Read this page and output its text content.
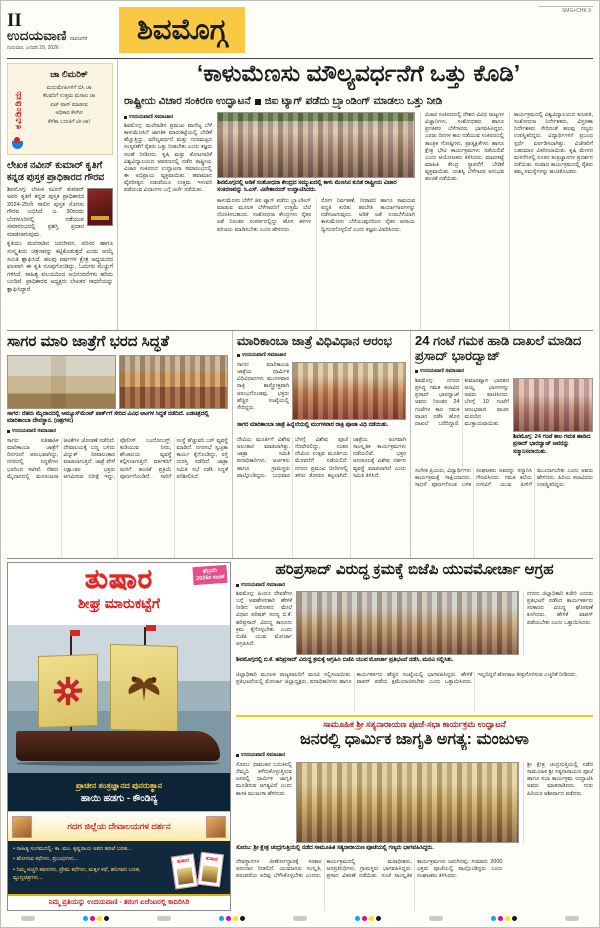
II
ಉದಯವಾಣಿ ದಾವಣಗೆರೆ
ಗುರುವಾರ, ಜನವರಿ 29, 2026
ಶಿವಮೊಗ್ಗ
SMG+CHK 9
ಕವಿಡಿಂಡಿಮ
ಚಾ ಲಿಮರಿಕ್
ಮಧುಮೇಹಿಗಳಿಗೆ ಬಿಸಿ ಚಾ
ಕೆಲವರಿಗೆ ಉತ್ತಮ ಮಸಾಲ ಚಾ
ಏಟ್ ಪಾಸ್ ಮಾಡುವ
ಅಧಿಕಾರ ಕೆಳಗಿನ
ಕೆಳೆತಾ ಬದುಕಿಗೆ ಟೀ-ಚಾ!
ಲೇಖಕ ನವೀನ್ ಕುಮಾರ್ ಕೃತಿಗೆ ಕನ್ನಡ ಪುಸ್ತಕ ಪ್ರಾಧಿಕಾರದ ಗೌರವ
ಶಿವಮೊಗ್ಗ: ಲೇಖಕ ನವೀನ್ ಕುಮಾರ್ ಅವರ ಕೃತಿಗೆ ಕನ್ನಡ ಪುಸ್ತಕ ಪ್ರಾಧಿಕಾರದ 2024-25ನೇ ಸಾಲಿನ ಪುಸ್ತಕ ಸೊಗಸು ಗೌರವ ಲಭಿಸಿದೆ. ಜ. 30ರಂದು ಬೆಂಗಳೂರಿನಲ್ಲಿ ನಡೆಯುವ ಸಮಾರಂಭದಲ್ಲಿ ಪ್ರಶಸ್ತಿ ಪ್ರದಾನ ಮಾಡಲಾಗುವುದು.
ಕೃತಿಯು ಮಲೆನಾಡಿನ ಜನಜೀವನ, ಪರಿಸರ ಹಾಗೂ ಸಂಸ್ಕೃತಿಯ ಚಿತ್ರಣವನ್ನು ಕಟ್ಟಿಕೊಡುತ್ತದೆ ಎಂದು ಆಯ್ಕೆ ಸಮಿತಿ ಶ್ಲಾಘಿಸಿದೆ. ಹಲವು ವರ್ಷಗಳ ಕ್ಷೇತ್ರ ಅಧ್ಯಯನದ ಫಲವಾಗಿ ಈ ಕೃತಿ ರೂಪುಗೊಂಡಿದ್ದು, ಓದುಗರ ಮೆಚ್ಚುಗೆ ಗಳಿಸಿದೆ. ಸಾಹಿತ್ಯ ವಲಯದಿಂದ ಅಭಿನಂದನೆಗಳು ಹರಿದು ಬಂದಿವೆ. ಪ್ರಾಧಿಕಾರದ ಅಧ್ಯಕ್ಷರು ಲೇಖಕರ ಸಾಧನೆಯನ್ನು ಶ್ಲಾಘಿಸಿದ್ದಾರೆ.
‘ಕಾಳುಮೆಣಸು ಮೌಲ್ಯವರ್ಧನೆಗೆ ಒತ್ತು ಕೊಡಿ’
ರಾಷ್ಟ್ರೀಯ ವಿಚಾರ ಸಂಕಿರಣ ಉದ್ಘಾಟನೆ ಜಿಐ ಟ್ಯಾಗ್ ಪಡೆದು ಬ್ರ್ಯಾಂಡಿಂಗ್ ಮಾಡಲು ಒತ್ತು ನೀಡಿ
ಉದಯವಾಣಿ ಸಮಾಚಾರ
ಶಿವಮೊಗ್ಗ: ಮಲೆನಾಡಿನ ಪ್ರಮುಖ ವಾಣಿಜ್ಯ ಬೆಳೆ ಕಾಳುಮೆಣಸಿಗೆ ಜಾಗತಿಕ ಮಾರುಕಟ್ಟೆಯಲ್ಲಿ ಬೇಡಿಕೆ ಹೆಚ್ಚುತ್ತಿದ್ದು, ಮೌಲ್ಯವರ್ಧನೆ ಮತ್ತು ಗುಣಮಟ್ಟದ ಸಂಸ್ಕರಣೆಗೆ ರೈತರು ಒತ್ತು ನೀಡಬೇಕು ಎಂದು ತಜ್ಞರು ಸಲಹೆ ನೀಡಿದರು. ಕೃಷಿ ಮತ್ತು ತೋಟಗಾರಿಕೆ ವಿಶ್ವವಿದ್ಯಾಲಯದ ಆವರಣದಲ್ಲಿ ನಡೆದ ರಾಷ್ಟ್ರೀಯ ವಿಚಾರ ಸಂಕಿರಣದ ಉದ್ಘಾಟನಾ ಸಮಾರಂಭದಲ್ಲಿ ಈ ಅಭಿಪ್ರಾಯ ವ್ಯಕ್ತವಾಯಿತು. ಹವಾಮಾನ ವೈಪರೀತ್ಯದ ನಡುವೆಯೂ ಉತ್ತಮ ಇಳುವರಿ ಪಡೆಯುವ ವಿಧಾನಗಳ ಬಗ್ಗೆ ಚರ್ಚೆ ನಡೆಯಿತು.
ಶಿವಮೊಗ್ಗದಲ್ಲಿ ಅಡಿಕೆ ಸಂಶೋಧನಾ ಕೇಂದ್ರದ ಸಮ್ಮುಖದಲ್ಲಿ ಕಾಳು ಮೆಣಸಿನ ಕುರಿತ ರಾಷ್ಟ್ರೀಯ ವಿಚಾರ ಸಂಕಿರಣವನ್ನು ಸಿ.ಎಸ್. ವಿವೇಕಾನಂದ್ ಉದ್ಘಾಟಿಸಿದರು.
ಕಾಳುಮೆಣಸು ಬೆಳೆಗೆ ಜಿಐ ಟ್ಯಾಗ್ ಪಡೆದು ಬ್ರ್ಯಾಂಡಿಂಗ್ ಮಾಡುವ ಮೂಲಕ ಬೆಳೆಗಾರರಿಗೆ ಉತ್ತಮ ಬೆಲೆ ದೊರಕಿಸಬಹುದು. ಸಂಶೋಧನಾ ಕೇಂದ್ರಗಳು ರೈತರ ಜತೆ ನಿರಂತರ ಸಂಪರ್ಕದಲ್ಲಿದ್ದು ಹೊಸ ತಳಿಗಳ ಪರಿಚಯ ಮಾಡಿಸಬೇಕು ಎಂದು ಹೇಳಿದರು.
ರೋಗ ನಿರ್ವಹಣೆ, ನೀರಾವರಿ ಹಾಗೂ ಸಾವಯವ ಪದ್ಧತಿ ಕುರಿತು ತರಬೇತಿ ಕಾರ್ಯಾಗಾರಗಳನ್ನು ನಡೆಸಲಾಗುವುದು. ಅಡಿಕೆ ಜತೆ ಉಪಬೆಳೆಯಾಗಿ ಕಾಳುಮೆಣಸು ಬೆಳೆಯುವುದರಿಂದ ರೈತರ ಆದಾಯ ದ್ವಿಗುಣಗೊಳ್ಳಲಿದೆ ಎಂದು ತಜ್ಞರು ವಿವರಿಸಿದರು.
ವಿಚಾರ ಸಂಕಿರಣದಲ್ಲಿ ದೇಶದ ವಿವಿಧ ರಾಜ್ಯಗಳ ವಿಜ್ಞಾನಿಗಳು, ಸಂಶೋಧಕರು ಹಾಗೂ ಪ್ರಗತಿಪರ ಬೆಳೆಗಾರರು ಭಾಗವಹಿಸಿದ್ದರು. ಎರಡು ದಿನಗಳ ಕಾಲ ನಡೆಯುವ ಸಂಕಿರಣದಲ್ಲಿ ತಾಂತ್ರಿಕ ಗೋಷ್ಠಿಗಳು, ಪ್ರಾತ್ಯಕ್ಷಿಕೆಗಳು ಹಾಗೂ ಕ್ಷೇತ್ರ ಭೇಟಿ ಕಾರ್ಯಕ್ರಮಗಳು ನಡೆಯಲಿವೆ ಎಂದು ಆಯೋಜಕರು ತಿಳಿಸಿದರು. ಮಾರುಕಟ್ಟೆ ಮಾಹಿತಿ ಕೇಂದ್ರ ಸ್ಥಾಪನೆಗೆ ಬೇಡಿಕೆ ವ್ಯಕ್ತವಾಯಿತು. ಯಶಸ್ವಿ ಬೆಳೆಗಾರರ ಅನುಭವ ಹಂಚಿಕೆ ನಡೆಯಿತು.
ಕಾರ್ಯಕ್ರಮದಲ್ಲಿ ವಿಶ್ವವಿದ್ಯಾಲಯದ ಕುಲಪತಿ, ಸಂಶೋಧನಾ ನಿರ್ದೇಶಕರು, ವಿಸ್ತರಣಾ ನಿರ್ದೇಶಕರು ಸೇರಿದಂತೆ ಹಲವು ಗಣ್ಯರು ಉಪಸ್ಥಿತರಿದ್ದರು. ವಿದ್ಯಾರ್ಥಿಗಳಿಗೆ ಪ್ರಬಂಧ ಸ್ಪರ್ಧೆ ಏರ್ಪಡಿಸಲಾಗಿತ್ತು. ವಿಜೇತರಿಗೆ ಬಹುಮಾನ ವಿತರಿಸಲಾಯಿತು. ಕೃಷಿ ಮೇಳದ ಮಳಿಗೆಗಳಲ್ಲಿ ನೂತನ ತಂತ್ರಜ್ಞಾನಗಳ ಪ್ರದರ್ಶನ ನಡೆಯಿತು. ಸಂವಾದ ಕಾರ್ಯಕ್ರಮದಲ್ಲಿ ರೈತರು ತಮ್ಮ ಸಮಸ್ಯೆಗಳನ್ನು ಹಂಚಿಕೊಂಡರು.
ಸಾಗರ ಮಾರಿ ಜಾತ್ರೆಗೆ ಭರದ ಸಿದ್ಧತೆ
ಸಾಗರ: ನೆಹರು ಮೈದಾನದಲ್ಲಿ ಅಮ್ಯೂಸ್‌ಮೆಂಟ್ ಪಾರ್ಕ್‌ಗೆ ಸೇರಿದ ವಿವಿಧ ಆಟಗಳ ಸಿದ್ಧತೆ ನಡೆದಿದೆ. ಎಡಚಿತ್ರದಲ್ಲಿ ಮಾರಿಕಾಂಬಾ ದೇವಸ್ಥಾನ. (ಚಿತ್ರಗಳು)
ಉದಯವಾಣಿ ಸಮಾಚಾರ
ಸಾಗರ: ಐತಿಹಾಸಿಕ ಮಾರಿಕಾಂಬಾ ಜಾತ್ರೆಗೆ ದಿನಗಣನೆ ಆರಂಭವಾಗಿದ್ದು, ನಗರದಲ್ಲಿ ಸಿದ್ಧತೆಗಳು ಭರದಿಂದ ಸಾಗಿವೆ. ನೆಹರು ಮೈದಾನದಲ್ಲಿ ಮನರಂಜನಾ ಆಟಿಕೆಗಳ ಜೋಡಣೆ ನಡೆದಿದೆ. ದೇವಾಲಯಕ್ಕೆ ಬಣ್ಣ ಬಳಿದು ವಿದ್ಯುತ್ ದೀಪಾಲಂಕಾರ ಮಾಡಲಾಗುತ್ತಿದೆ. ಜಾತ್ರೆ ವೇಳೆ ಲಕ್ಷಾಂತರ ಭಕ್ತರು ಆಗಮಿಸುವ ನಿರೀಕ್ಷೆ ಇದ್ದು, ಪೊಲೀಸ್ ಬಂದೋಬಸ್ತ್, ಕುಡಿಯುವ ನೀರು, ಶೌಚಾಲಯ ವ್ಯವಸ್ಥೆ ಕಲ್ಪಿಸಲಾಗುತ್ತಿದೆ. ವರ್ತಕರಿಗೆ ಮಳಿಗೆ ಹಂಚಿಕೆ ಪ್ರಕ್ರಿಯೆ ಪೂರ್ಣಗೊಂಡಿದೆ. ಸಾರಿಗೆ ಸಂಸ್ಥೆ ಹೆಚ್ಚುವರಿ ಬಸ್ ವ್ಯವಸ್ಥೆ ಮಾಡಿದೆ. ನಗರಸಭೆ ಸ್ವಚ್ಛತಾ ಕಾರ್ಯ ಕೈಗೊಂಡಿದ್ದು, ರಸ್ತೆ ದುರಸ್ತಿ ನಡೆದಿದೆ. ಜಾತ್ರಾ ಸಮಿತಿ ಸಭೆ ನಡೆಸಿ ಸಿದ್ಧತೆ ಪರಿಶೀಲಿಸಿದೆ.
ಮಾರಿಕಾಂಬಾ ಜಾತ್ರೆ ವಿಧಿವಿಧಾನ ಆರಂಭ
ಉದಯವಾಣಿ ಸಮಾಚಾರ
ಸಾಗರ: ಮಾರಿಕಾಂಬಾ ಜಾತ್ರೆಯ ಧಾರ್ಮಿಕ ವಿಧಿವಿಧಾನಗಳು ಮಂಗಳವಾರ ರಾತ್ರಿ ಶಾಸ್ತ್ರೋಕ್ತವಾಗಿ ಆರಂಭಗೊಂಡವು. ಭಕ್ತರು ಹೆಚ್ಚಿನ ಸಂಖ್ಯೆಯಲ್ಲಿ ಸೇರಿದ್ದರು.
ಸಾಗರ ಮಾರಿಕಾಂಬಾ ಜಾತ್ರೆ ಹಿನ್ನೆಲೆಯಲ್ಲಿ ಮಂಗಳವಾರ ರಾತ್ರಿ ಪೂಜಾ ವಿಧಿ ನಡೆಯಿತು.
ದೇವಿಯ ಮೂರ್ತಿಗೆ ವಿಶೇಷ ಅಲಂಕಾರ ಮಾಡಲಾಗಿತ್ತು. ಜಾತ್ರಾ ಸಮಿತಿ ಪದಾಧಿಕಾರಿಗಳು, ಅರ್ಚಕರು ಹಾಗೂ ಗ್ರಾಮಸ್ಥರು ಪಾಲ್ಗೊಂಡಿದ್ದರು. ಬುಧವಾರ ಬೆಳಗ್ಗೆ ವಿಶೇಷ ಪೂಜೆ ನೆರವೇರಲಿದ್ದು, ನಂತರ ದೇವಿಯ ಉತ್ಸವ ಮೂರ್ತಿಯ ಮೆರವಣಿಗೆ ನಡೆಯಲಿದೆ. ನಗರದ ಪ್ರಮುಖ ಬೀದಿಗಳಲ್ಲಿ ತಳಿರು ತೋರಣ ಕಟ್ಟಲಾಗಿದೆ. ಜಾತ್ರೆಯ ಅಂಗವಾಗಿ ಸಾಂಸ್ಕೃತಿಕ ಕಾರ್ಯಕ್ರಮಗಳು ನಡೆಯಲಿವೆ. ಭಕ್ತರ ಅನುಕೂಲಕ್ಕೆ ವಿಶೇಷ ದರ್ಶನ ವ್ಯವಸ್ಥೆ ಮಾಡಲಾಗಿದೆ ಎಂದು ಸಮಿತಿ ತಿಳಿಸಿದೆ.
24 ಗಂಟೆ ಗಮಕ ಹಾಡಿ ದಾಖಲೆ ಮಾಡಿದ ಪ್ರಸಾದ್ ಭಾರದ್ವಾಜ್
ಉದಯವಾಣಿ ಸಮಾಚಾರ
ಶಿವಮೊಗ್ಗ: ನಗರದ ಪ್ರಸಿದ್ಧ ಗಮಕ ಕಲಾವಿದ ಪ್ರಸಾದ್ ಭಾರದ್ವಾಜ್ ಅವರು ನಿರಂತರ 24 ಗಂಟೆಗಳ ಕಾಲ ಗಮಕ ವಾಚನ ನಡೆಸಿ ಹೊಸ ದಾಖಲೆ ಬರೆದಿದ್ದಾರೆ. ಕುಮಾರವ್ಯಾಸ ಭಾರತದ ಆಯ್ದ ಭಾಗಗಳನ್ನು ಅವರು ವಾಚಿಸಿದರು. ಬೆಳಗ್ಗೆ 10 ಗಂಟೆಗೆ ಆರಂಭವಾದ ವಾಚನ ಮರುದಿನ ಮುಕ್ತಾಯವಾಯಿತು.
ಶಿವಮೊಗ್ಗ: 24 ಗಂಟೆ ಕಾಲ ಗಮಕ ಹಾಡಿದ ಪ್ರಸಾದ್ ಭಾರದ್ವಾಜ್ ಅವರನ್ನು ಸನ್ಮಾನಿಸಲಾಯಿತು.
ಸಂಗೀತ ಪ್ರಿಯರು, ವಿದ್ಯಾರ್ಥಿಗಳು ಕಾರ್ಯಕ್ರಮಕ್ಕೆ ಸಾಕ್ಷಿಯಾದರು. ಸಾಧನೆ ಪೂರ್ಣಗೊಂಡ ಬಳಿಕ ಸಂಘಟಕರು ಅವರನ್ನು ಸನ್ಮಾನಿಸಿ ಗೌರವಿಸಿದರು. ಗಮಕ ಕಲೆಯ ಉಳಿವಿಗೆ ಯುವ ಪೀಳಿಗೆ ಮುಂದಾಗಬೇಕು ಎಂದು ಅವರು ಹೇಳಿದರು. ಹಿರಿಯ ಕಲಾವಿದರು ಉಪಸ್ಥಿತರಿದ್ದರು.
ತುಷಾರ	ಫೆಬ್ರವರಿ
2026ರ ಸಂಚಿಕೆ
ಶೀಘ್ರ ಮಾರುಕಟ್ಟೆಗೆ
ಪ್ರಾಚೀನ ತಂತ್ರಜ್ಞಾನದ ಪುನರುತ್ಥಾನ
ಹಾಯಿ ಹಡಗು - ಕೌಂಡಿನ್ಯ
ಗದಗ ಜಿಲ್ಲೆಯ ದೇವಾಲಯಗಳ ದರ್ಶನ
• ಸಾಹಿತ್ಯ ಸಂಗಮದಲ್ಲಿ- ಕಾ. ಮಂ. ಕೃಷ್ಣರಾಯ ಅವರ ಹರಟೆ ಬರಹ...
• ಹೋಗುವ ಕಥೆಗಳು, ಪ್ರಬಂಧಗಳು...
• ನಿಮ್ಮ ಅಚ್ಚರಿ ಕವನಗಳು, ಪ್ರೇಮ ಕಥೆಗಳು, ಮಕ್ಕಳ ಕಥೆ, ಹನಿಗವನ ಬರಹ, ವ್ಯಂಗ್ಯಚಿತ್ರಗಳು...
ತುಷಾರ	ತುಷಾರ
ನಿಮ್ಮ ಪ್ರತಿಯನ್ನು ಉದಯವಾಣಿ - ತರಂಗ ಏಜೆಂಟರಲ್ಲಿ ಕಾದಿರಿಸಿರಿ
ಹರಿಪ್ರಸಾದ್ ವಿರುದ್ಧ ಕ್ರಮಕ್ಕೆ ಬಿಜೆಪಿ ಯುವಮೋರ್ಚಾ ಆಗ್ರಹ
ಉದಯವಾಣಿ ಸಮಾಚಾರ
ಶಿವಮೊಗ್ಗ: ಹಿಂದೂ ದೇವತೆಗಳ ಬಗ್ಗೆ ಅವಹೇಳನಕಾರಿ ಹೇಳಿಕೆ ನೀಡಿದ ಆರೋಪದ ಮೇಲೆ ವಿಧಾನ ಪರಿಷತ್ ಸದಸ್ಯ ಬಿ.ಕೆ. ಹರಿಪ್ರಸಾದ್ ವಿರುದ್ಧ ಕಾನೂನು ಕ್ರಮ ಕೈಗೊಳ್ಳಬೇಕು ಎಂದು ಬಿಜೆಪಿ ಯುವ ಮೋರ್ಚಾ ಆಗ್ರಹಿಸಿದೆ.
ನಗರದ ಜಿಲ್ಲಾಧಿಕಾರಿ ಕಚೇರಿ ಎದುರು ಪ್ರತಿಭಟನೆ ನಡೆಸಿದ ಕಾರ್ಯಕರ್ತರು ಸರಕಾರದ ವಿರುದ್ಧ ಘೋಷಣೆ ಕೂಗಿದರು. ಹೇಳಿಕೆ ವಾಪಸ್ ಪಡೆಯಬೇಕು ಎಂದು ಒತ್ತಾಯಿಸಿದರು.
ಶಿವಮೊಗ್ಗದಲ್ಲಿ ಬಿ.ಕೆ. ಹರಿಪ್ರಸಾದ್ ವಿರುದ್ಧ ಕ್ರಮಕ್ಕೆ ಆಗ್ರಹಿಸಿ ಬಿಜೆಪಿ ಯುವ ಮೋರ್ಚಾ ಪ್ರತಿಭಟನೆ ನಡೆಸಿ, ಮನವಿ ಸಲ್ಲಿಸಿತು.
ಜಿಲ್ಲಾಧಿಕಾರಿ ಮೂಲಕ ರಾಜ್ಯಪಾಲರಿಗೆ ಮನವಿ ಸಲ್ಲಿಸಲಾಯಿತು. ಪ್ರತಿಭಟನೆಯಲ್ಲಿ ಮೋರ್ಚಾ ಜಿಲ್ಲಾಧ್ಯಕ್ಷರು, ಪದಾಧಿಕಾರಿಗಳು ಹಾಗೂ ಕಾರ್ಯಕರ್ತರು ಹೆಚ್ಚಿನ ಸಂಖ್ಯೆಯಲ್ಲಿ ಭಾಗವಹಿಸಿದ್ದರು. ಹೇಳಿಕೆ ವಾಪಸ್ ಪಡೆದು ಕ್ಷಮೆಯಾಚಿಸಬೇಕು ಎಂದು ಒತ್ತಾಯಿಸಿದರು. ಇಲ್ಲದಿದ್ದರೆ ಹೋರಾಟ ತೀವ್ರಗೊಳಿಸುವ ಎಚ್ಚರಿಕೆ ನೀಡಿದರು.
ಸಾಮೂಹಿಕ ಶ್ರೀ ಸತ್ಯನಾರಾಯಣ ಪೂಜೆ-ಸಭಾ ಕಾರ್ಯಕ್ರಮ ಉದ್ಘಾಟನೆ
ಜನರಲ್ಲಿ ಧಾರ್ಮಿಕ ಜಾಗೃತಿ ಅಗತ್ಯ: ಮಂಜುಳಾ
ಉದಯವಾಣಿ ಸಮಾಚಾರ
ಸೊರಬ: ಧಾವಂತದ ಬದುಕಿನಲ್ಲಿ ನೆಮ್ಮದಿ ಕಳೆದುಕೊಳ್ಳುತ್ತಿರುವ ಜನರಲ್ಲಿ ಧಾರ್ಮಿಕ ಜಾಗೃತಿ ಮೂಡಿಸುವ ಅಗತ್ಯವಿದೆ ಎಂದು ಶಾಸಕಿ ಮಂಜುಳಾ ಹೇಳಿದರು.
ಶ್ರೀ ಕ್ಷೇತ್ರ ಚಂದ್ರಗುತ್ತಿಯಲ್ಲಿ ನಡೆದ ಸಾಮೂಹಿಕ ಶ್ರೀ ಸತ್ಯನಾರಾಯಣ ಪೂಜೆ ಹಾಗೂ ಸಭಾ ಕಾರ್ಯಕ್ರಮ ಉದ್ಘಾಟಿಸಿ ಅವರು ಮಾತನಾಡಿದರು. ಗುರು ಹಿರಿಯರ ಆಶೀರ್ವಾದ ಪಡೆದರು.
ಸೊರಬ: ಶ್ರೀ ಕ್ಷೇತ್ರ ಚಂದ್ರಗುತ್ತಿಯಲ್ಲಿ ನಡೆದ ಸಾಮೂಹಿಕ ಸತ್ಯನಾರಾಯಣ ಪೂಜೆಯಲ್ಲಿ ಗಣ್ಯರು ಭಾಗವಹಿಸಿದ್ದರು.
ದೇವಸ್ಥಾನಗಳ ಜೀರ್ಣೋದ್ಧಾರಕ್ಕೆ ಸರಕಾರ ಅನುದಾನ ನೀಡಲಿದೆ. ಯುವಜನರು ಸಂಸ್ಕೃತಿ, ಪರಂಪರೆಯ ಅರಿವು ಬೆಳೆಸಿಕೊಳ್ಳಬೇಕು ಎಂದರು. ಕಾರ್ಯಕ್ರಮದಲ್ಲಿ ಮಠಾಧೀಶರು, ಜನಪ್ರತಿನಿಧಿಗಳು, ಗ್ರಾಮಸ್ಥರು ಭಾಗವಹಿಸಿದ್ದರು. ಪ್ರಸಾದ ವಿತರಣೆ ನಡೆಯಿತು. ಸಂಜೆ ಸಾಂಸ್ಕೃತಿಕ ಕಾರ್ಯಕ್ರಮಗಳು ಜರುಗಿದವು. ಸುಮಾರು 2000 ಭಕ್ತರು ಪೂಜೆಯಲ್ಲಿ ಪಾಲ್ಗೊಂಡಿದ್ದರು ಎಂದು ಸಂಘಟಕರು ತಿಳಿಸಿದರು.
